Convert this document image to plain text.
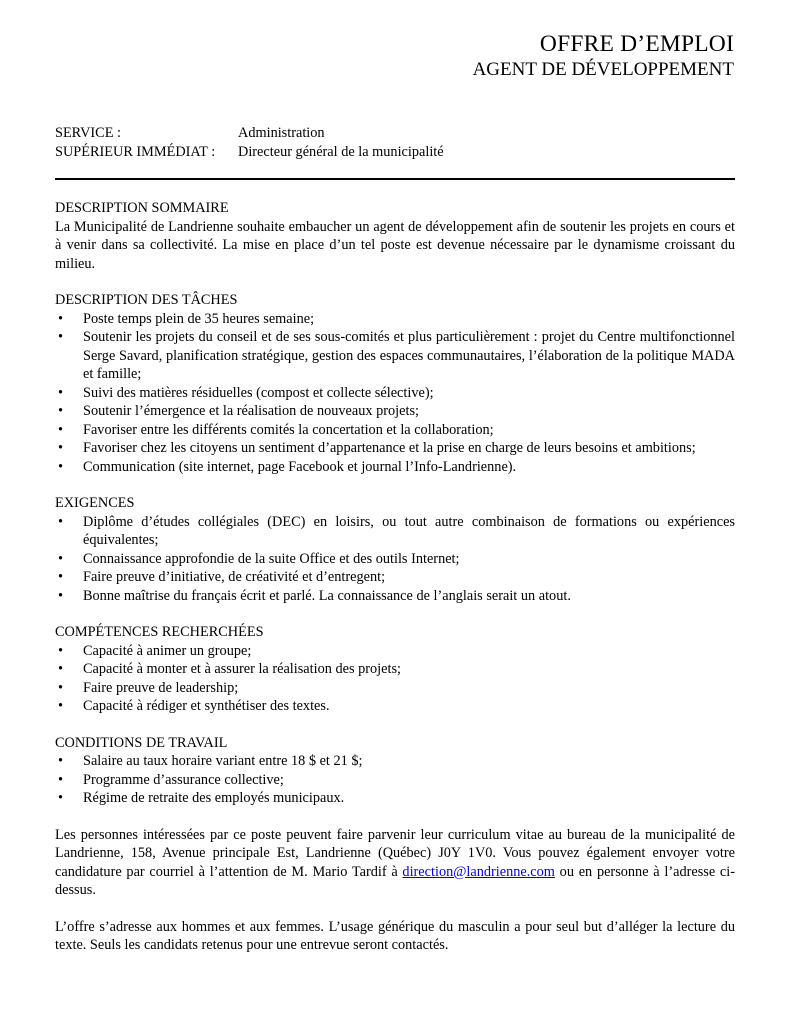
OFFRE D’EMPLOI
AGENT DE DÉVELOPPEMENT
SERVICE :	Administration
SUPÉRIEUR IMMÉDIAT :	Directeur général de la municipalité
DESCRIPTION SOMMAIRE

La Municipalité de Landrienne souhaite embaucher un agent de développement afin de soutenir les projets en cours et à venir dans sa collectivité. La mise en place d’un tel poste est devenue nécessaire par le dynamisme croissant du milieu.

DESCRIPTION DES TÂCHES
• Poste temps plein de 35 heures semaine;
• Soutenir les projets du conseil et de ses sous-comités et plus particulièrement : projet du Centre multifonctionnel Serge Savard, planification stratégique, gestion des espaces communautaires, l’élaboration de la politique MADA et famille;
• Suivi des matières résiduelles (compost et collecte sélective);
• Soutenir l’émergence et la réalisation de nouveaux projets;
• Favoriser entre les différents comités la concertation et la collaboration;
• Favoriser chez les citoyens un sentiment d’appartenance et la prise en charge de leurs besoins et ambitions;
• Communication (site internet, page Facebook et journal l’Info-Landrienne).
EXIGENCES
• Diplôme d’études collégiales (DEC) en loisirs, ou tout autre combinaison de formations ou expériences équivalentes;
• Connaissance approfondie de la suite Office et des outils Internet;
• Faire preuve d’initiative, de créativité et d’entregent;
• Bonne maîtrise du français écrit et parlé. La connaissance de l’anglais serait un atout.
COMPÉTENCES RECHERCHÉES
• Capacité à animer un groupe;
• Capacité à monter et à assurer la réalisation des projets;
• Faire preuve de leadership;
• Capacité à rédiger et synthétiser des textes.
CONDITIONS DE TRAVAIL
• Salaire au taux horaire variant entre 18 $ et 21 $;
• Programme d’assurance collective;
• Régime de retraite des employés municipaux.

Les personnes intéressées par ce poste peuvent faire parvenir leur curriculum vitae au bureau de la municipalité de Landrienne, 158, Avenue principale Est, Landrienne (Québec) J0Y 1V0. Vous pouvez également envoyer votre candidature par courriel à l’attention de M. Mario Tardif à direction@landrienne.com ou en personne à l’adresse ci-dessus.

L’offre s’adresse aux hommes et aux femmes. L’usage générique du masculin a pour seul but d’alléger la lecture du texte. Seuls les candidats retenus pour une entrevue seront contactés.
